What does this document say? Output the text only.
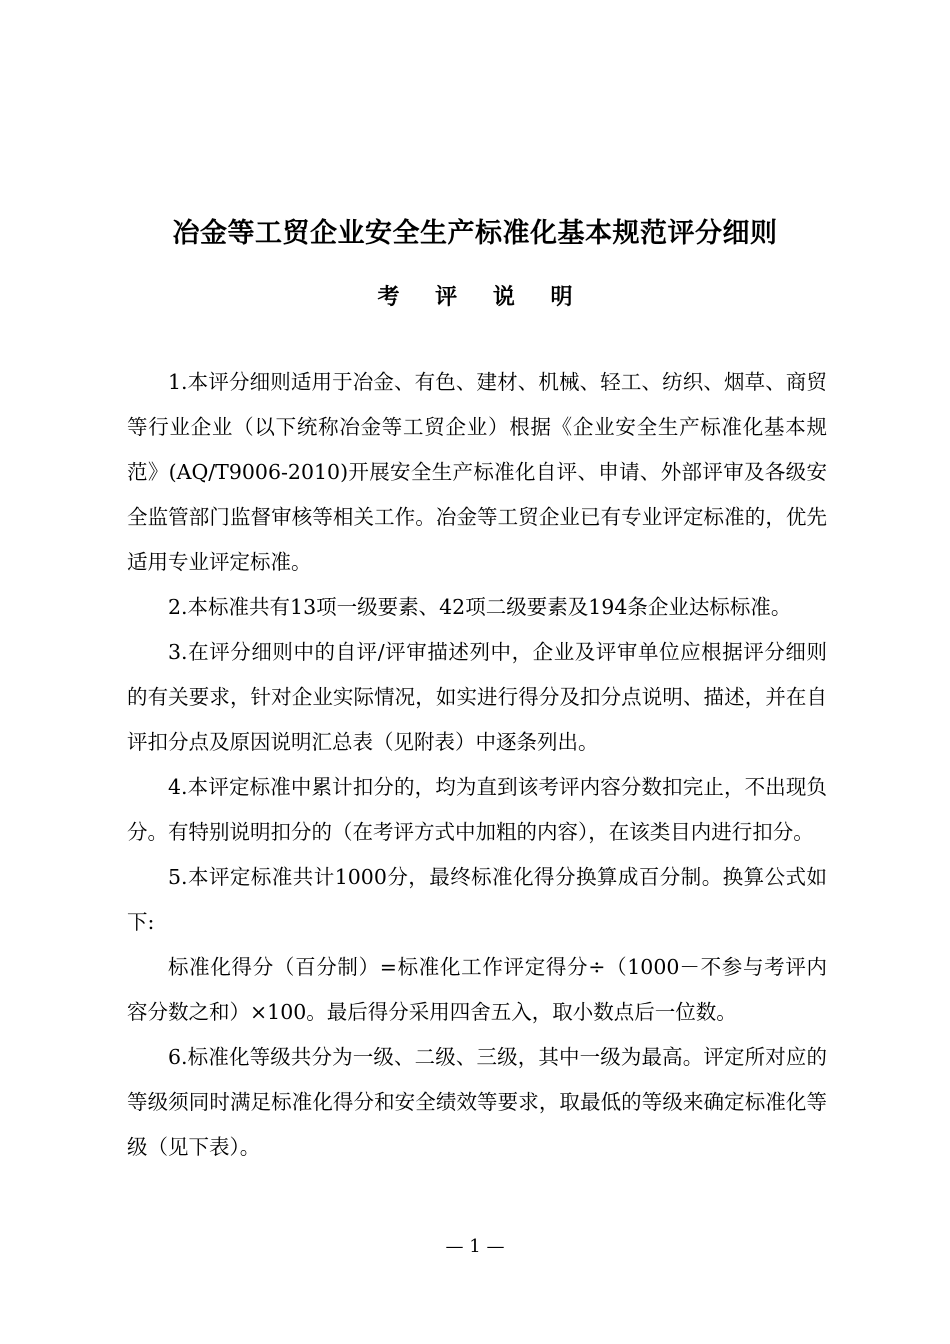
冶金等工贸企业安全生产标准化基本规范评分细则
考 评 说 明

1.本评分细则适用于冶金、有色、建材、机械、轻工、纺织、烟草、商贸等行业企业（以下统称冶金等工贸企业）根据《企业安全生产标准化基本规范》(AQ/T9006-2010)开展安全生产标准化自评、申请、外部评审及各级安全监管部门监督审核等相关工作。冶金等工贸企业已有专业评定标准的，优先适用专业评定标准。

2.本标准共有13项一级要素、42项二级要素及194条企业达标标准。

3.在评分细则中的自评/评审描述列中，企业及评审单位应根据评分细则的有关要求，针对企业实际情况，如实进行得分及扣分点说明、描述，并在自评扣分点及原因说明汇总表（见附表）中逐条列出。

4.本评定标准中累计扣分的，均为直到该考评内容分数扣完止，不出现负分。有特别说明扣分的（在考评方式中加粗的内容），在该类目内进行扣分。

5.本评定标准共计1000分，最终标准化得分换算成百分制。换算公式如下:

标准化得分（百分制）=标准化工作评定得分÷（1000－不参与考评内容分数之和）×100。最后得分采用四舍五入，取小数点后一位数。

6.标准化等级共分为一级、二级、三级，其中一级为最高。评定所对应的等级须同时满足标准化得分和安全绩效等要求，取最低的等级来确定标准化等级（见下表）。

— 1 —
